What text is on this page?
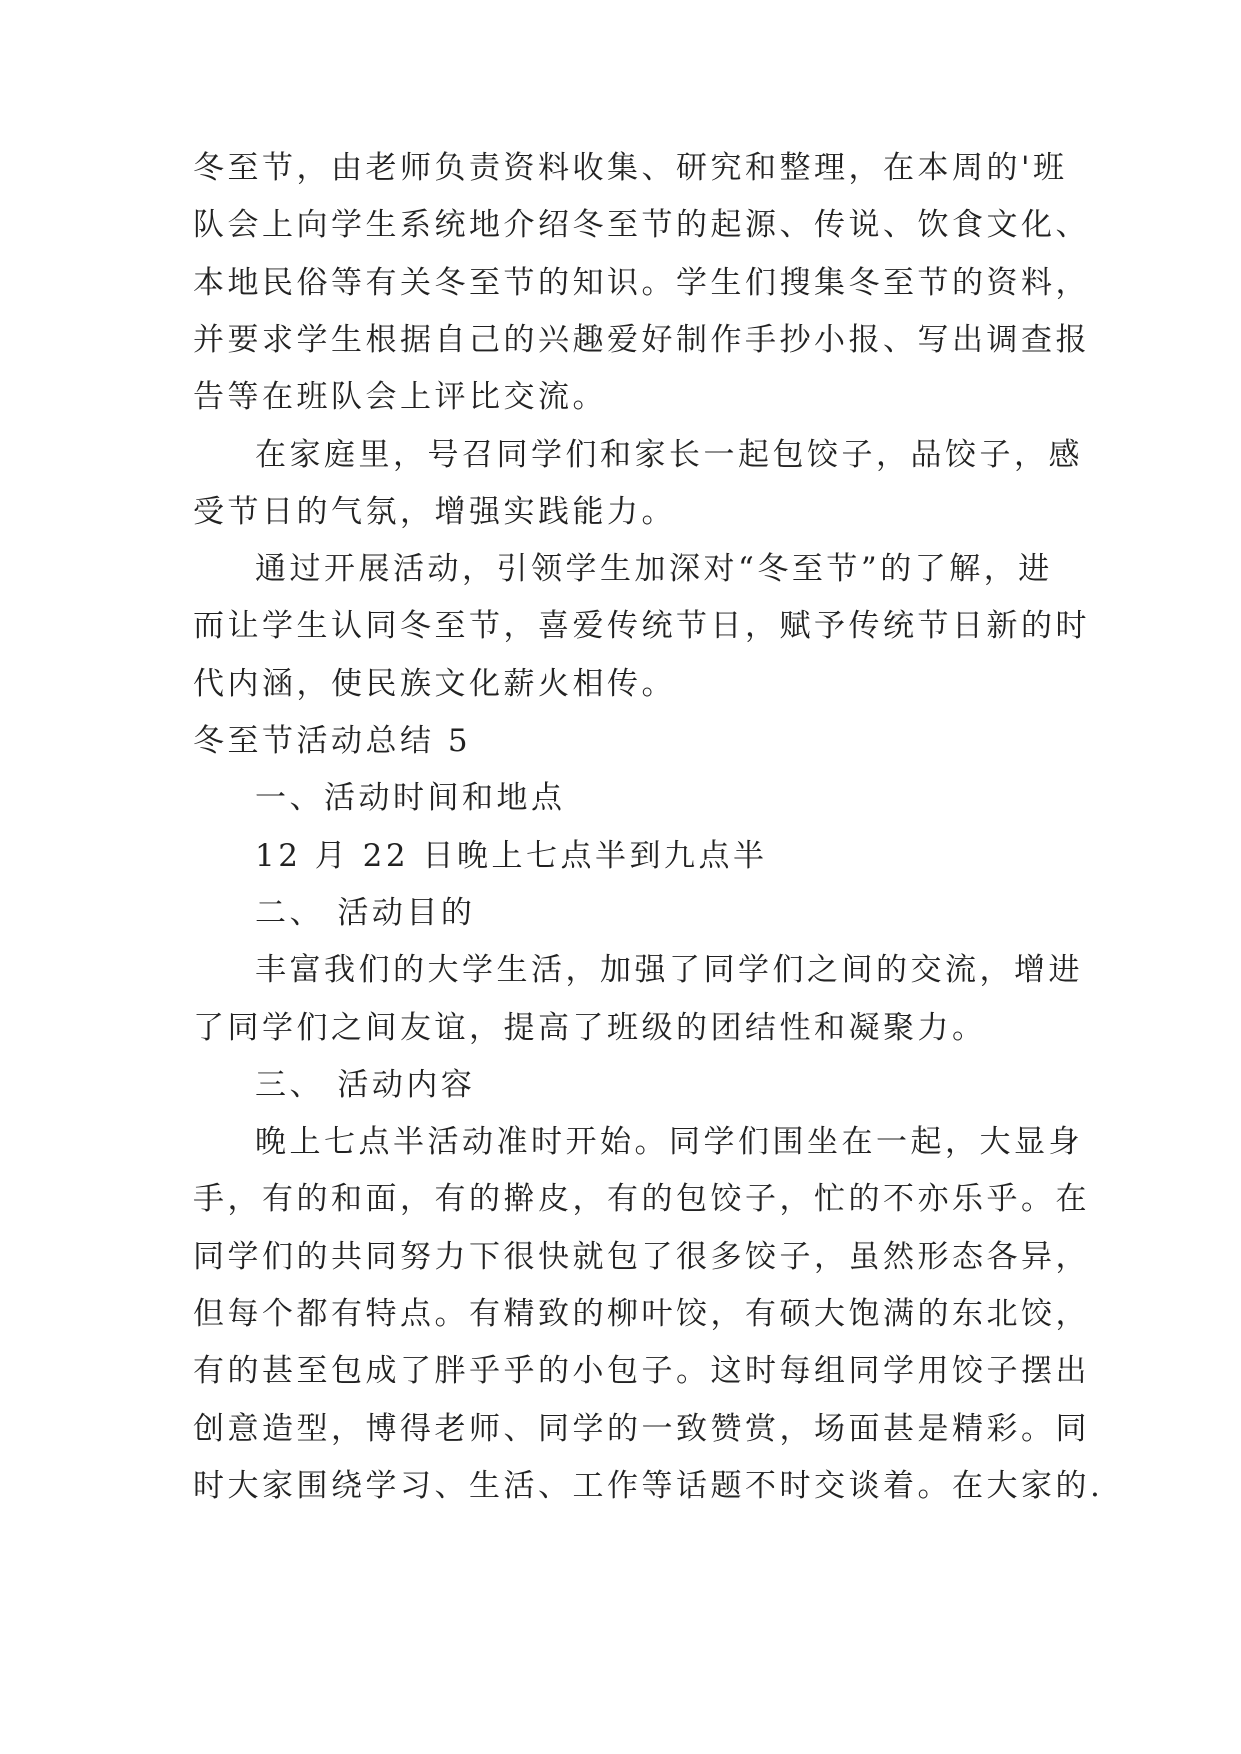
冬至节，由老师负责资料收集、研究和整理，在本周的'班
队会上向学生系统地介绍冬至节的起源、传说、饮食文化、
本地民俗等有关冬至节的知识。学生们搜集冬至节的资料，
并要求学生根据自己的兴趣爱好制作手抄小报、写出调查报
告等在班队会上评比交流。
在家庭里，号召同学们和家长一起包饺子，品饺子，感
受节日的气氛，增强实践能力。
通过开展活动，引领学生加深对“冬至节”的了解，进
而让学生认同冬至节，喜爱传统节日，赋予传统节日新的时
代内涵，使民族文化薪火相传。
冬至节活动总结 5
一、活动时间和地点
12 月 22 日晚上七点半到九点半
二、 活动目的
丰富我们的大学生活，加强了同学们之间的交流，增进
了同学们之间友谊，提高了班级的团结性和凝聚力。
三、 活动内容
晚上七点半活动准时开始。同学们围坐在一起，大显身
手，有的和面，有的擀皮，有的包饺子，忙的不亦乐乎。在
同学们的共同努力下很快就包了很多饺子，虽然形态各异，
但每个都有特点。有精致的柳叶饺，有硕大饱满的东北饺，
有的甚至包成了胖乎乎的小包子。这时每组同学用饺子摆出
创意造型，博得老师、同学的一致赞赏，场面甚是精彩。同
时大家围绕学习、生活、工作等话题不时交谈着。在大家的.
